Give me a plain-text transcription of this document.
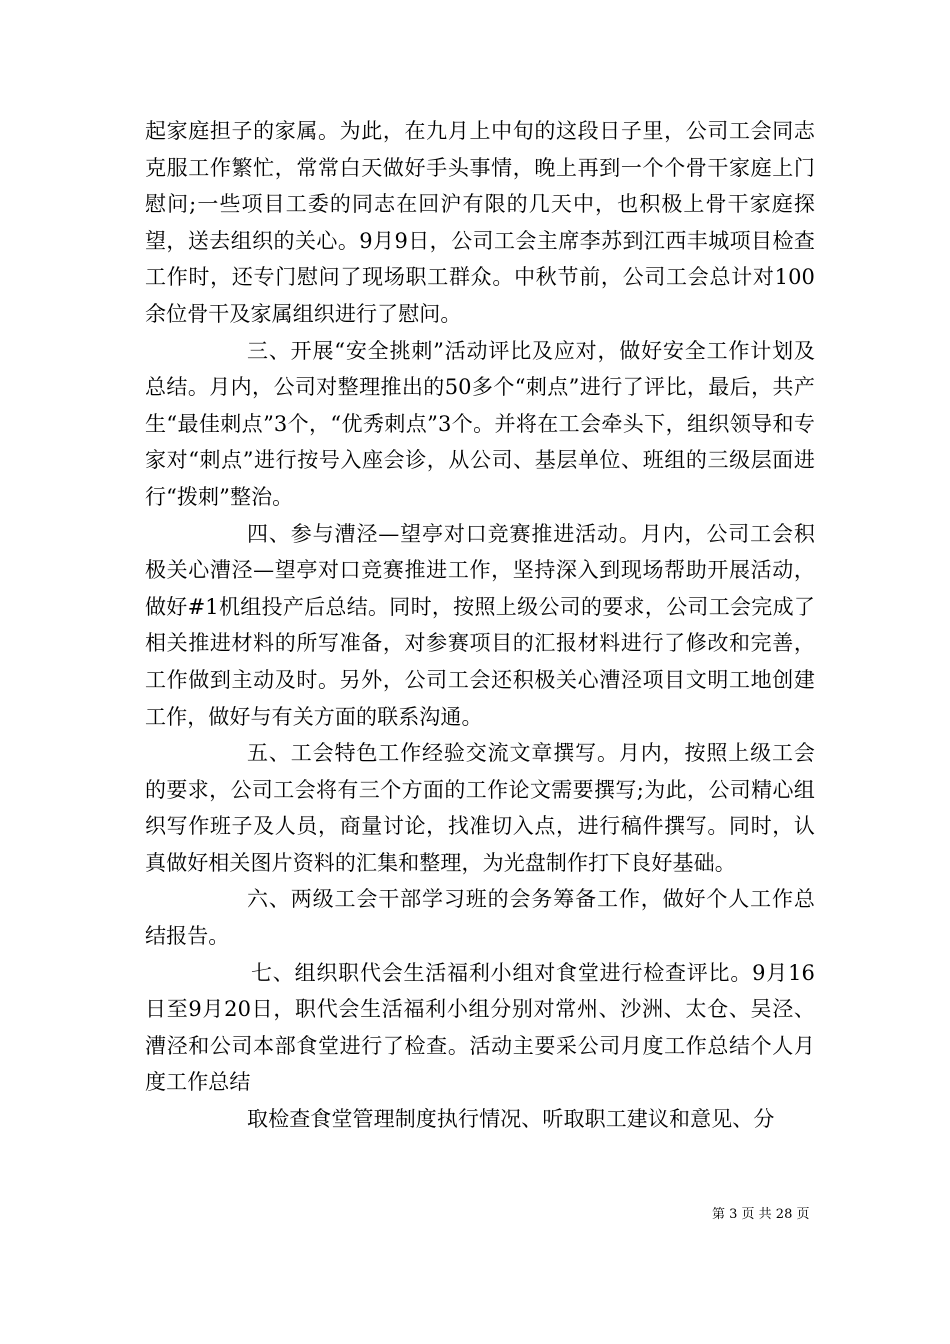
起家庭担子的家属。为此，在九月上中旬的这段日子里，公司工会同志克服工作繁忙，常常白天做好手头事情，晚上再到一个个骨干家庭上门慰问;一些项目工委的同志在回沪有限的几天中，也积极上骨干家庭探望，送去组织的关心。9月9日，公司工会主席李苏到江西丰城项目检查工作时，还专门慰问了现场职工群众。中秋节前，公司工会总计对100余位骨干及家属组织进行了慰问。

三、开展“安全挑刺”活动评比及应对，做好安全工作计划及总结。月内，公司对整理推出的50多个“刺点”进行了评比，最后，共产生“最佳刺点”3个，“优秀刺点”3个。并将在工会牵头下，组织领导和专家对“刺点”进行按号入座会诊，从公司、基层单位、班组的三级层面进行“拨刺”整治。

四、参与漕泾—望亭对口竞赛推进活动。月内，公司工会积极关心漕泾—望亭对口竞赛推进工作，坚持深入到现场帮助开展活动，做好#1机组投产后总结。同时，按照上级公司的要求，公司工会完成了相关推进材料的所写准备，对参赛项目的汇报材料进行了修改和完善，工作做到主动及时。另外，公司工会还积极关心漕泾项目文明工地创建工作，做好与有关方面的联系沟通。

五、工会特色工作经验交流文章撰写。月内，按照上级工会的要求，公司工会将有三个方面的工作论文需要撰写;为此，公司精心组织写作班子及人员，商量讨论，找准切入点，进行稿件撰写。同时，认真做好相关图片资料的汇集和整理，为光盘制作打下良好基础。

六、两级工会干部学习班的会务筹备工作，做好个人工作总结报告。

七、组织职代会生活福利小组对食堂进行检查评比。9月16日至9月20日，职代会生活福利小组分别对常州、沙洲、太仓、吴泾、漕泾和公司本部食堂进行了检查。活动主要采公司月度工作总结个人月度工作总结

取检查食堂管理制度执行情况、听取职工建议和意见、分

第 3 页 共 28 页
